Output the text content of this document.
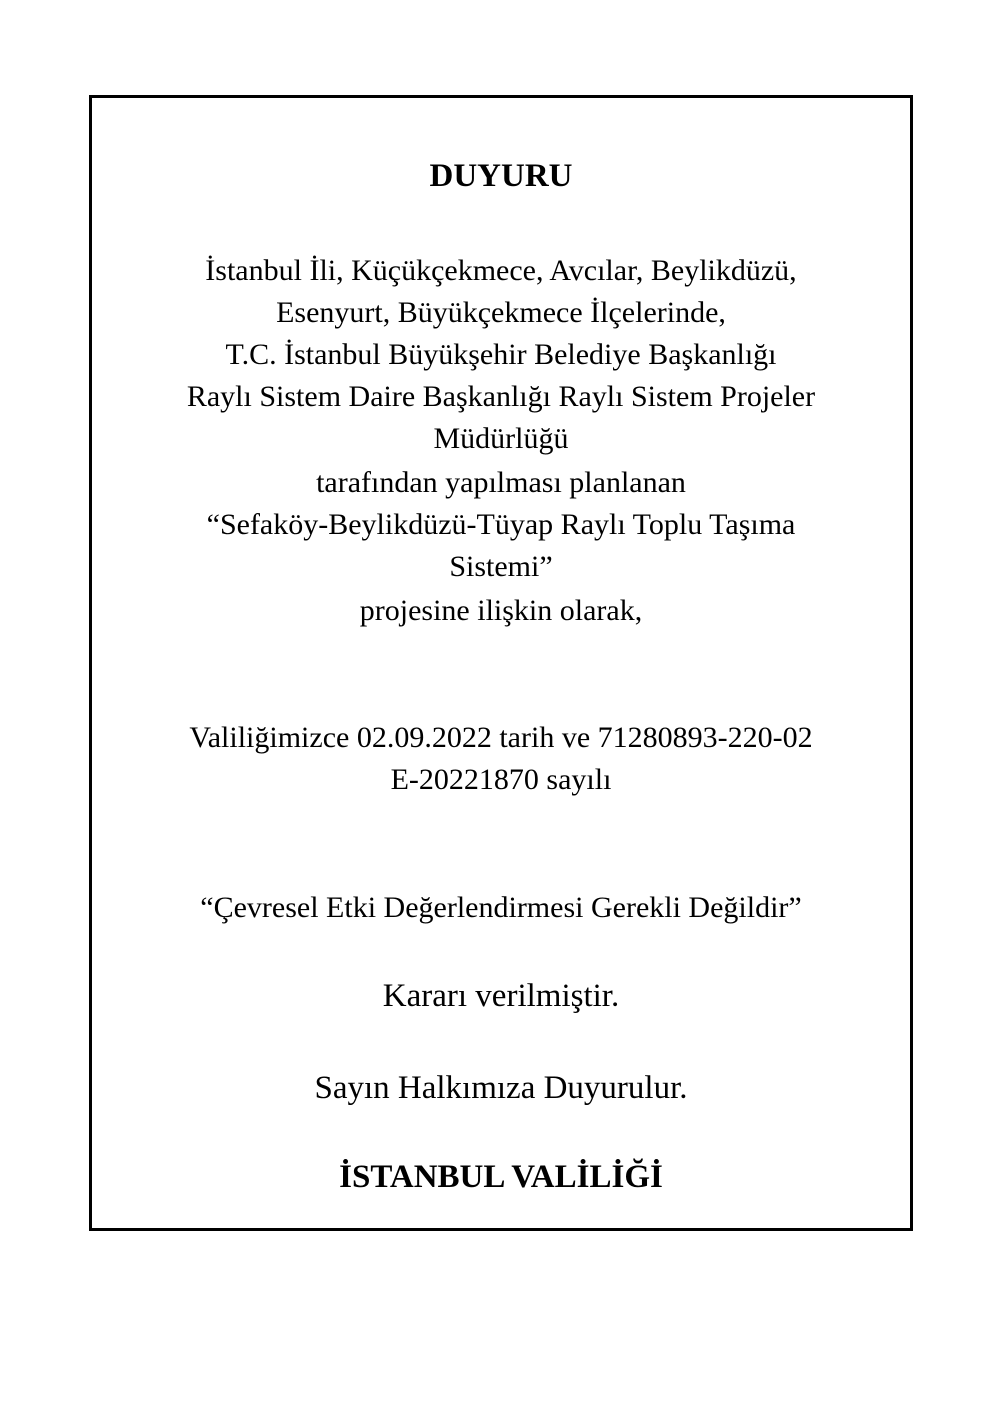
DUYURU
İstanbul İli, Küçükçekmece, Avcılar, Beylikdüzü,
Esenyurt, Büyükçekmece İlçelerinde,
T.C. İstanbul Büyükşehir Belediye Başkanlığı
Raylı Sistem Daire Başkanlığı Raylı Sistem Projeler
Müdürlüğü
tarafından yapılması planlanan
“Sefaköy-Beylikdüzü-Tüyap Raylı Toplu Taşıma
Sistemi”
projesine ilişkin olarak,
Valiliğimizce 02.09.2022 tarih ve 71280893-220-02
E-20221870 sayılı
“Çevresel Etki Değerlendirmesi Gerekli Değildir”
Kararı verilmiştir.
Sayın Halkımıza Duyurulur.
İSTANBUL VALİLİĞİ
